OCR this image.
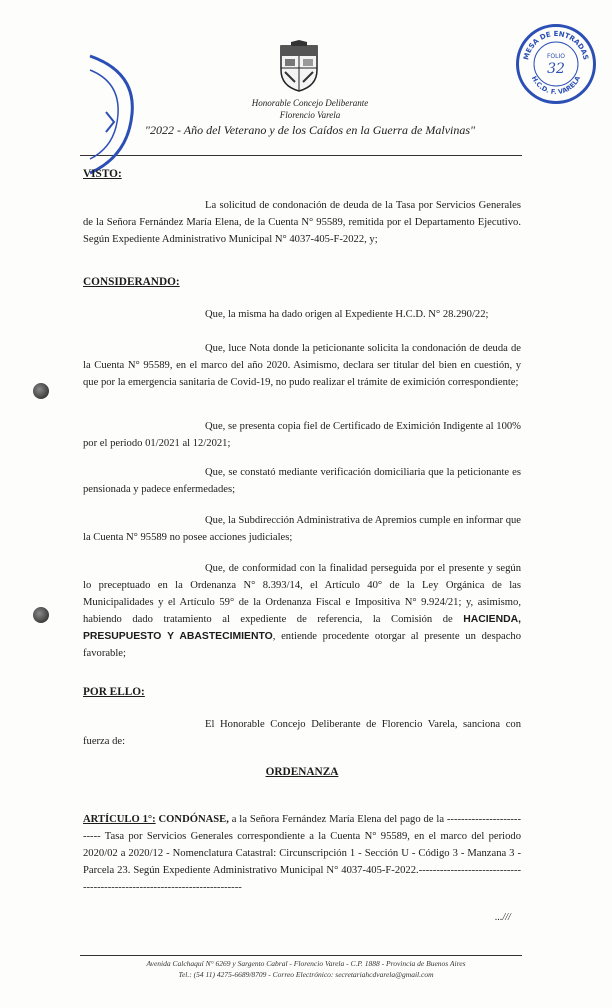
Honorable Concejo Deliberante
Florencio Varela
"2022 - Año del Veterano y de los Caídos en la Guerra de Malvinas"
MESA DE ENTRADAS
H.C.D. F. VARELA
FOLIO
32
VISTO:
La solicitud de condonación de deuda de la Tasa por Servicios Generales de la Señora Fernández María Elena, de la Cuenta N° 95589, remitida por el Departamento Ejecutivo. Según Expediente Administrativo Municipal N° 4037-405-F-2022, y;
CONSIDERANDO:
Que, la misma ha dado origen al Expediente H.C.D. N° 28.290/22;
Que, luce Nota donde la peticionante solicita la condonación de deuda de la Cuenta N° 95589, en el marco del año 2020. Asimismo, declara ser titular del bien en cuestión, y que por la emergencia sanitaria de Covid-19, no pudo realizar el trámite de eximición correspondiente;
Que, se presenta copia fiel de Certificado de Eximición Indigente al 100% por el periodo 01/2021 al 12/2021;
Que, se constató mediante verificación domiciliaria que la peticionante es pensionada y padece enfermedades;
Que, la Subdirección Administrativa de Apremios cumple en informar que la Cuenta N° 95589 no posee acciones judiciales;
Que, de conformidad con la finalidad perseguida por el presente y según lo preceptuado en la Ordenanza N° 8.393/14, el Artículo 40° de la Ley Orgánica de las Municipalidades y el Artículo 59° de la Ordenanza Fiscal e Impositiva N° 9.924/21; y, asimismo, habiendo dado tratamiento al expediente de referencia, la Comisión de HACIENDA, PRESUPUESTO Y ABASTECIMIENTO, entiende procedente otorgar al presente un despacho favorable;
POR ELLO:
El Honorable Concejo Deliberante de Florencio Varela, sanciona con fuerza de:
ORDENANZA
ARTÍCULO 1°: CONDÓNASE, a la Señora Fernández María Elena del pago de la -------------------------- Tasa por Servicios Generales correspondiente a la Cuenta N° 95589, en el marco del periodo 2020/02 a 2020/12 - Nomenclatura Catastral: Circunscripción 1 - Sección U - Código 3 - Manzana 3 - Parcela 23. Según Expediente Administrativo Municipal N° 4037-405-F-2022.--------------------------------------------------------------------------
...///
Avenida Calchaquí N° 6269 y Sargento Cabral - Florencio Varela - C.P. 1888 - Provincia de Buenos Aires
Tel.: (54 11) 4275-6689/8709 - Correo Electrónico: secretariahcdvarela@gmail.com
